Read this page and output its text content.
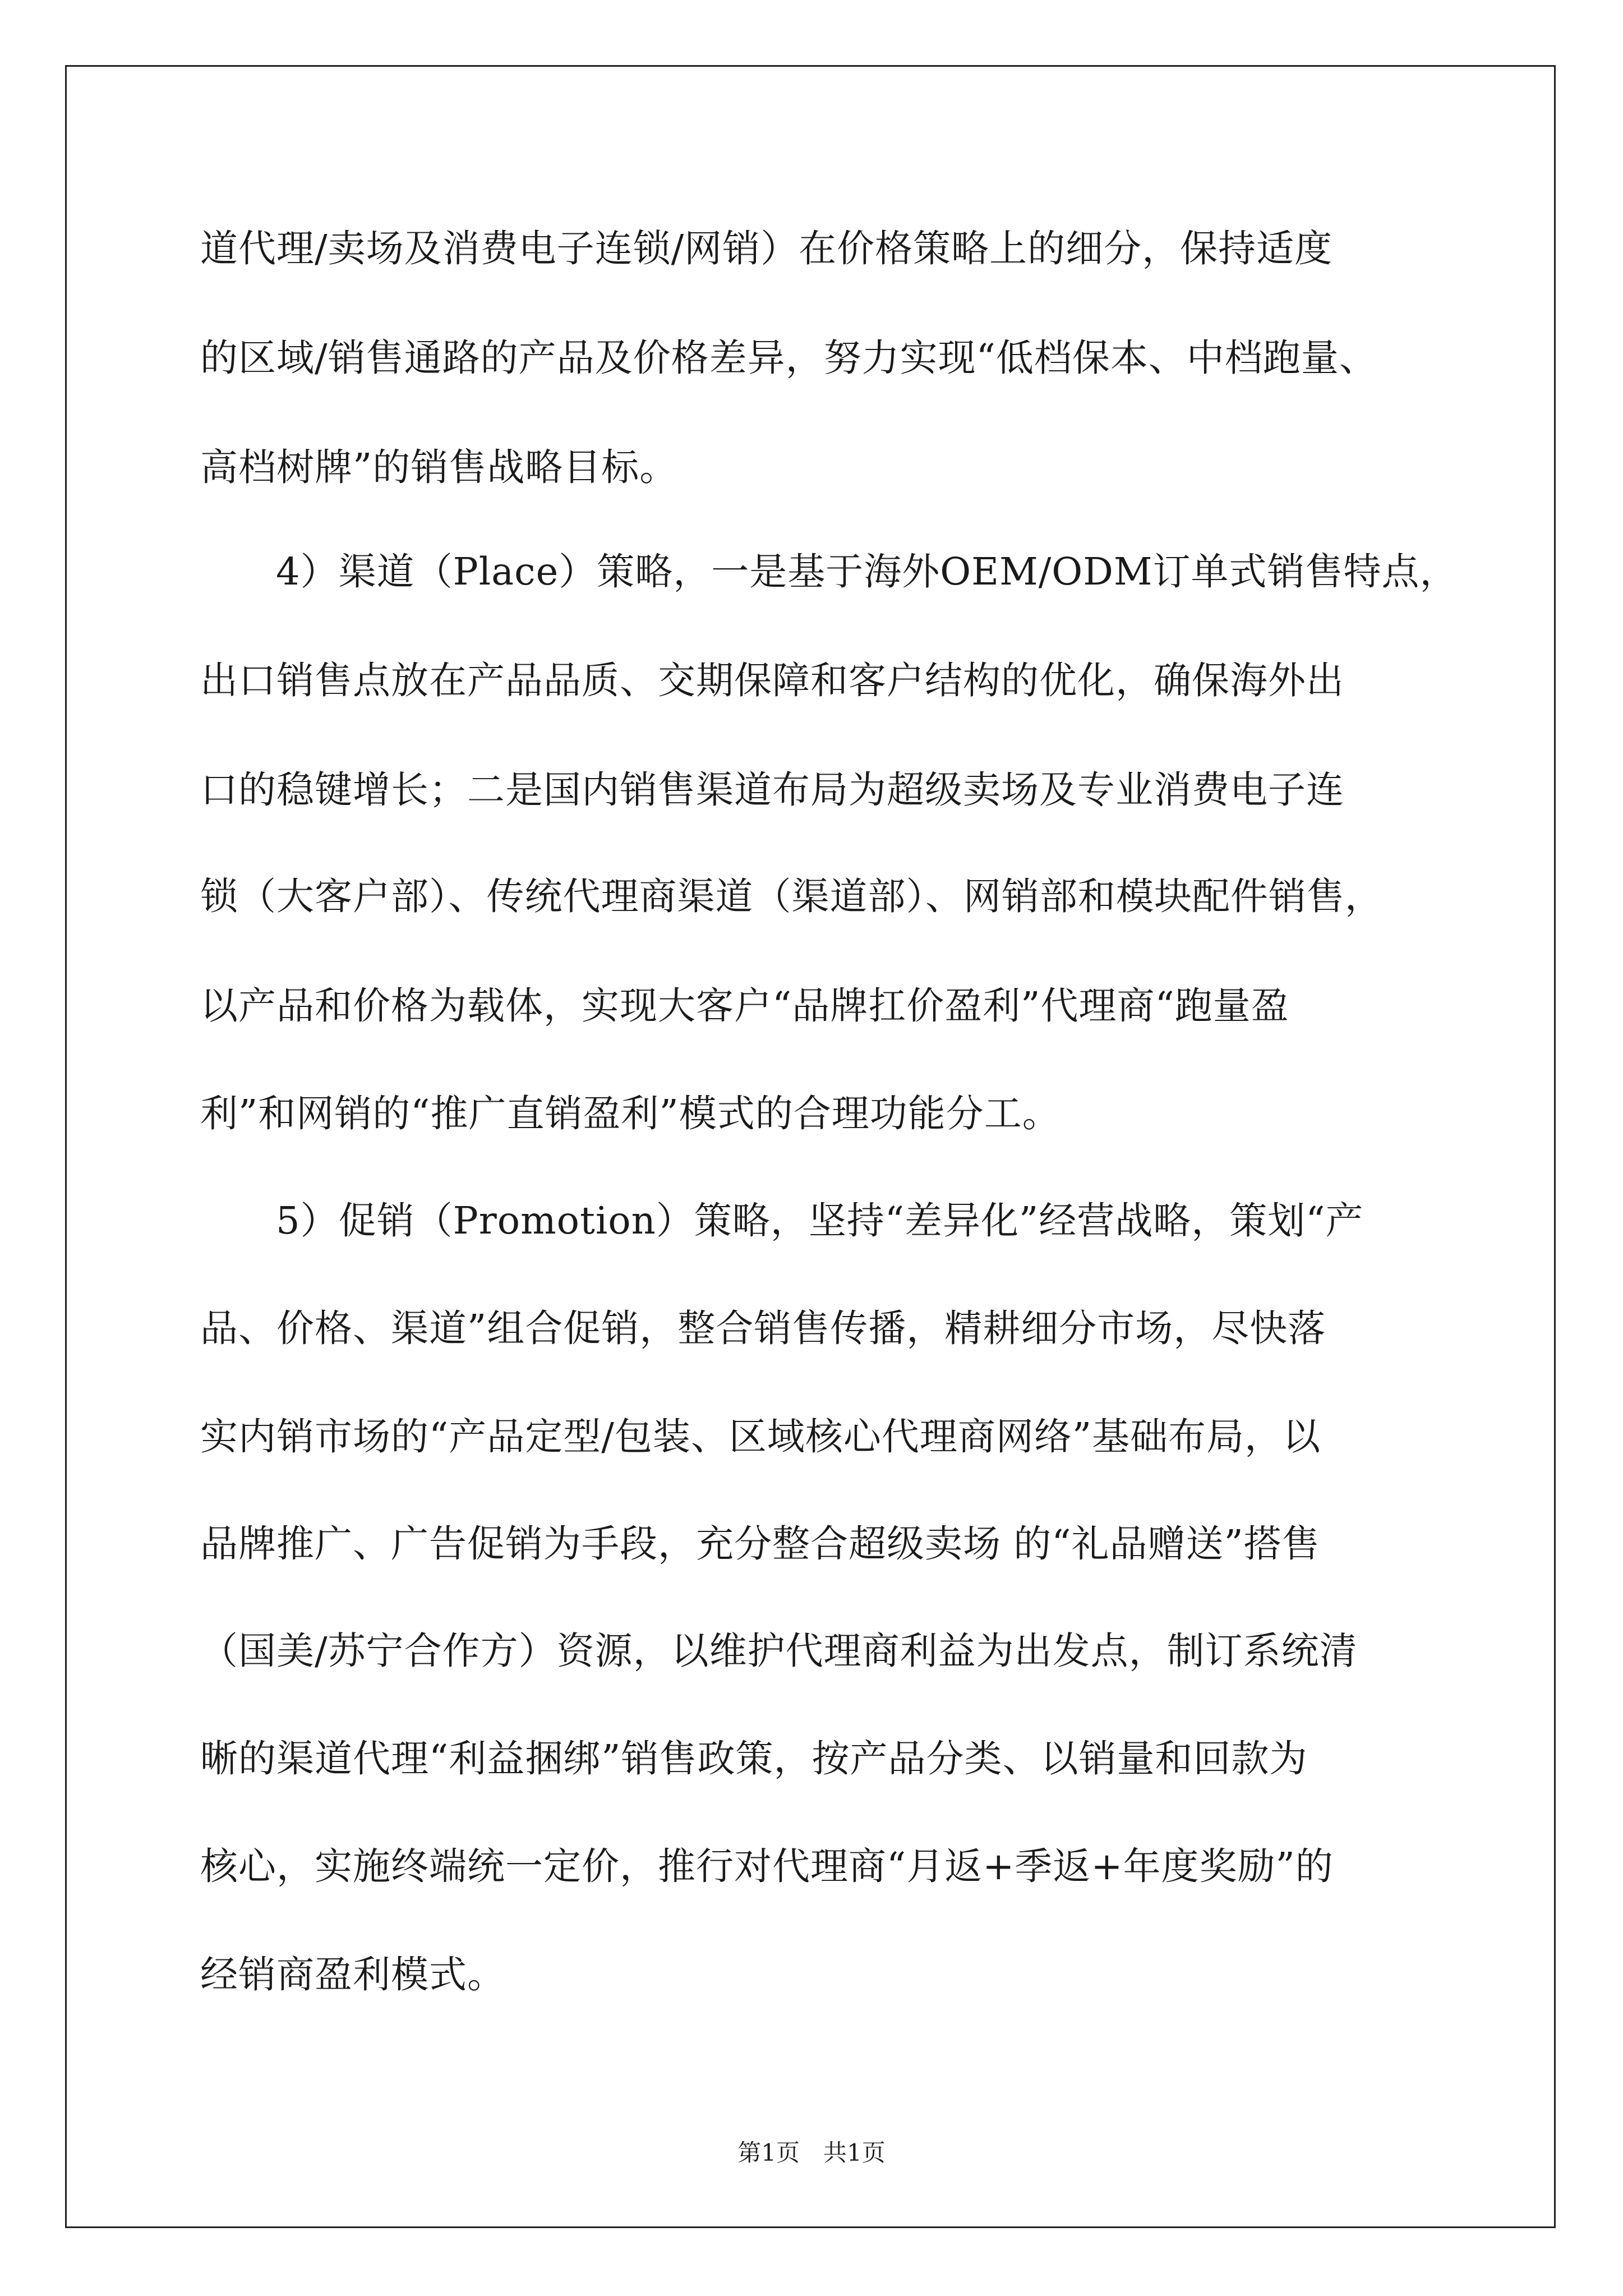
道代理/卖场及消费电子连锁/网销）在价格策略上的细分，保持适度
的区域/销售通路的产品及价格差异，努力实现“低档保本、中档跑量、
高档树牌”的销售战略目标。
4）渠道（Place）策略，一是基于海外OEM/ODM订单式销售特点，
出口销售点放在产品品质、交期保障和客户结构的优化，确保海外出
口的稳键增长；二是国内销售渠道布局为超级卖场及专业消费电子连
锁（大客户部）、传统代理商渠道（渠道部）、网销部和模块配件销售，
以产品和价格为载体，实现大客户“品牌扛价盈利”代理商“跑量盈
利”和网销的“推广直销盈利”模式的合理功能分工。
5）促销（Promotion）策略，坚持“差异化”经营战略，策划“产
品、价格、渠道”组合促销，整合销售传播，精耕细分市场，尽快落
实内销市场的“产品定型/包装、区域核心代理商网络”基础布局，以
品牌推广、广告促销为手段，充分整合超级卖场 的“礼品赠送”搭售
（国美/苏宁合作方）资源，以维护代理商利益为出发点，制订系统清
晰的渠道代理“利益捆绑”销售政策，按产品分类、以销量和回款为
核心，实施终端统一定价，推行对代理商“月返+季返+年度奖励”的
经销商盈利模式。
第1页　共1页
